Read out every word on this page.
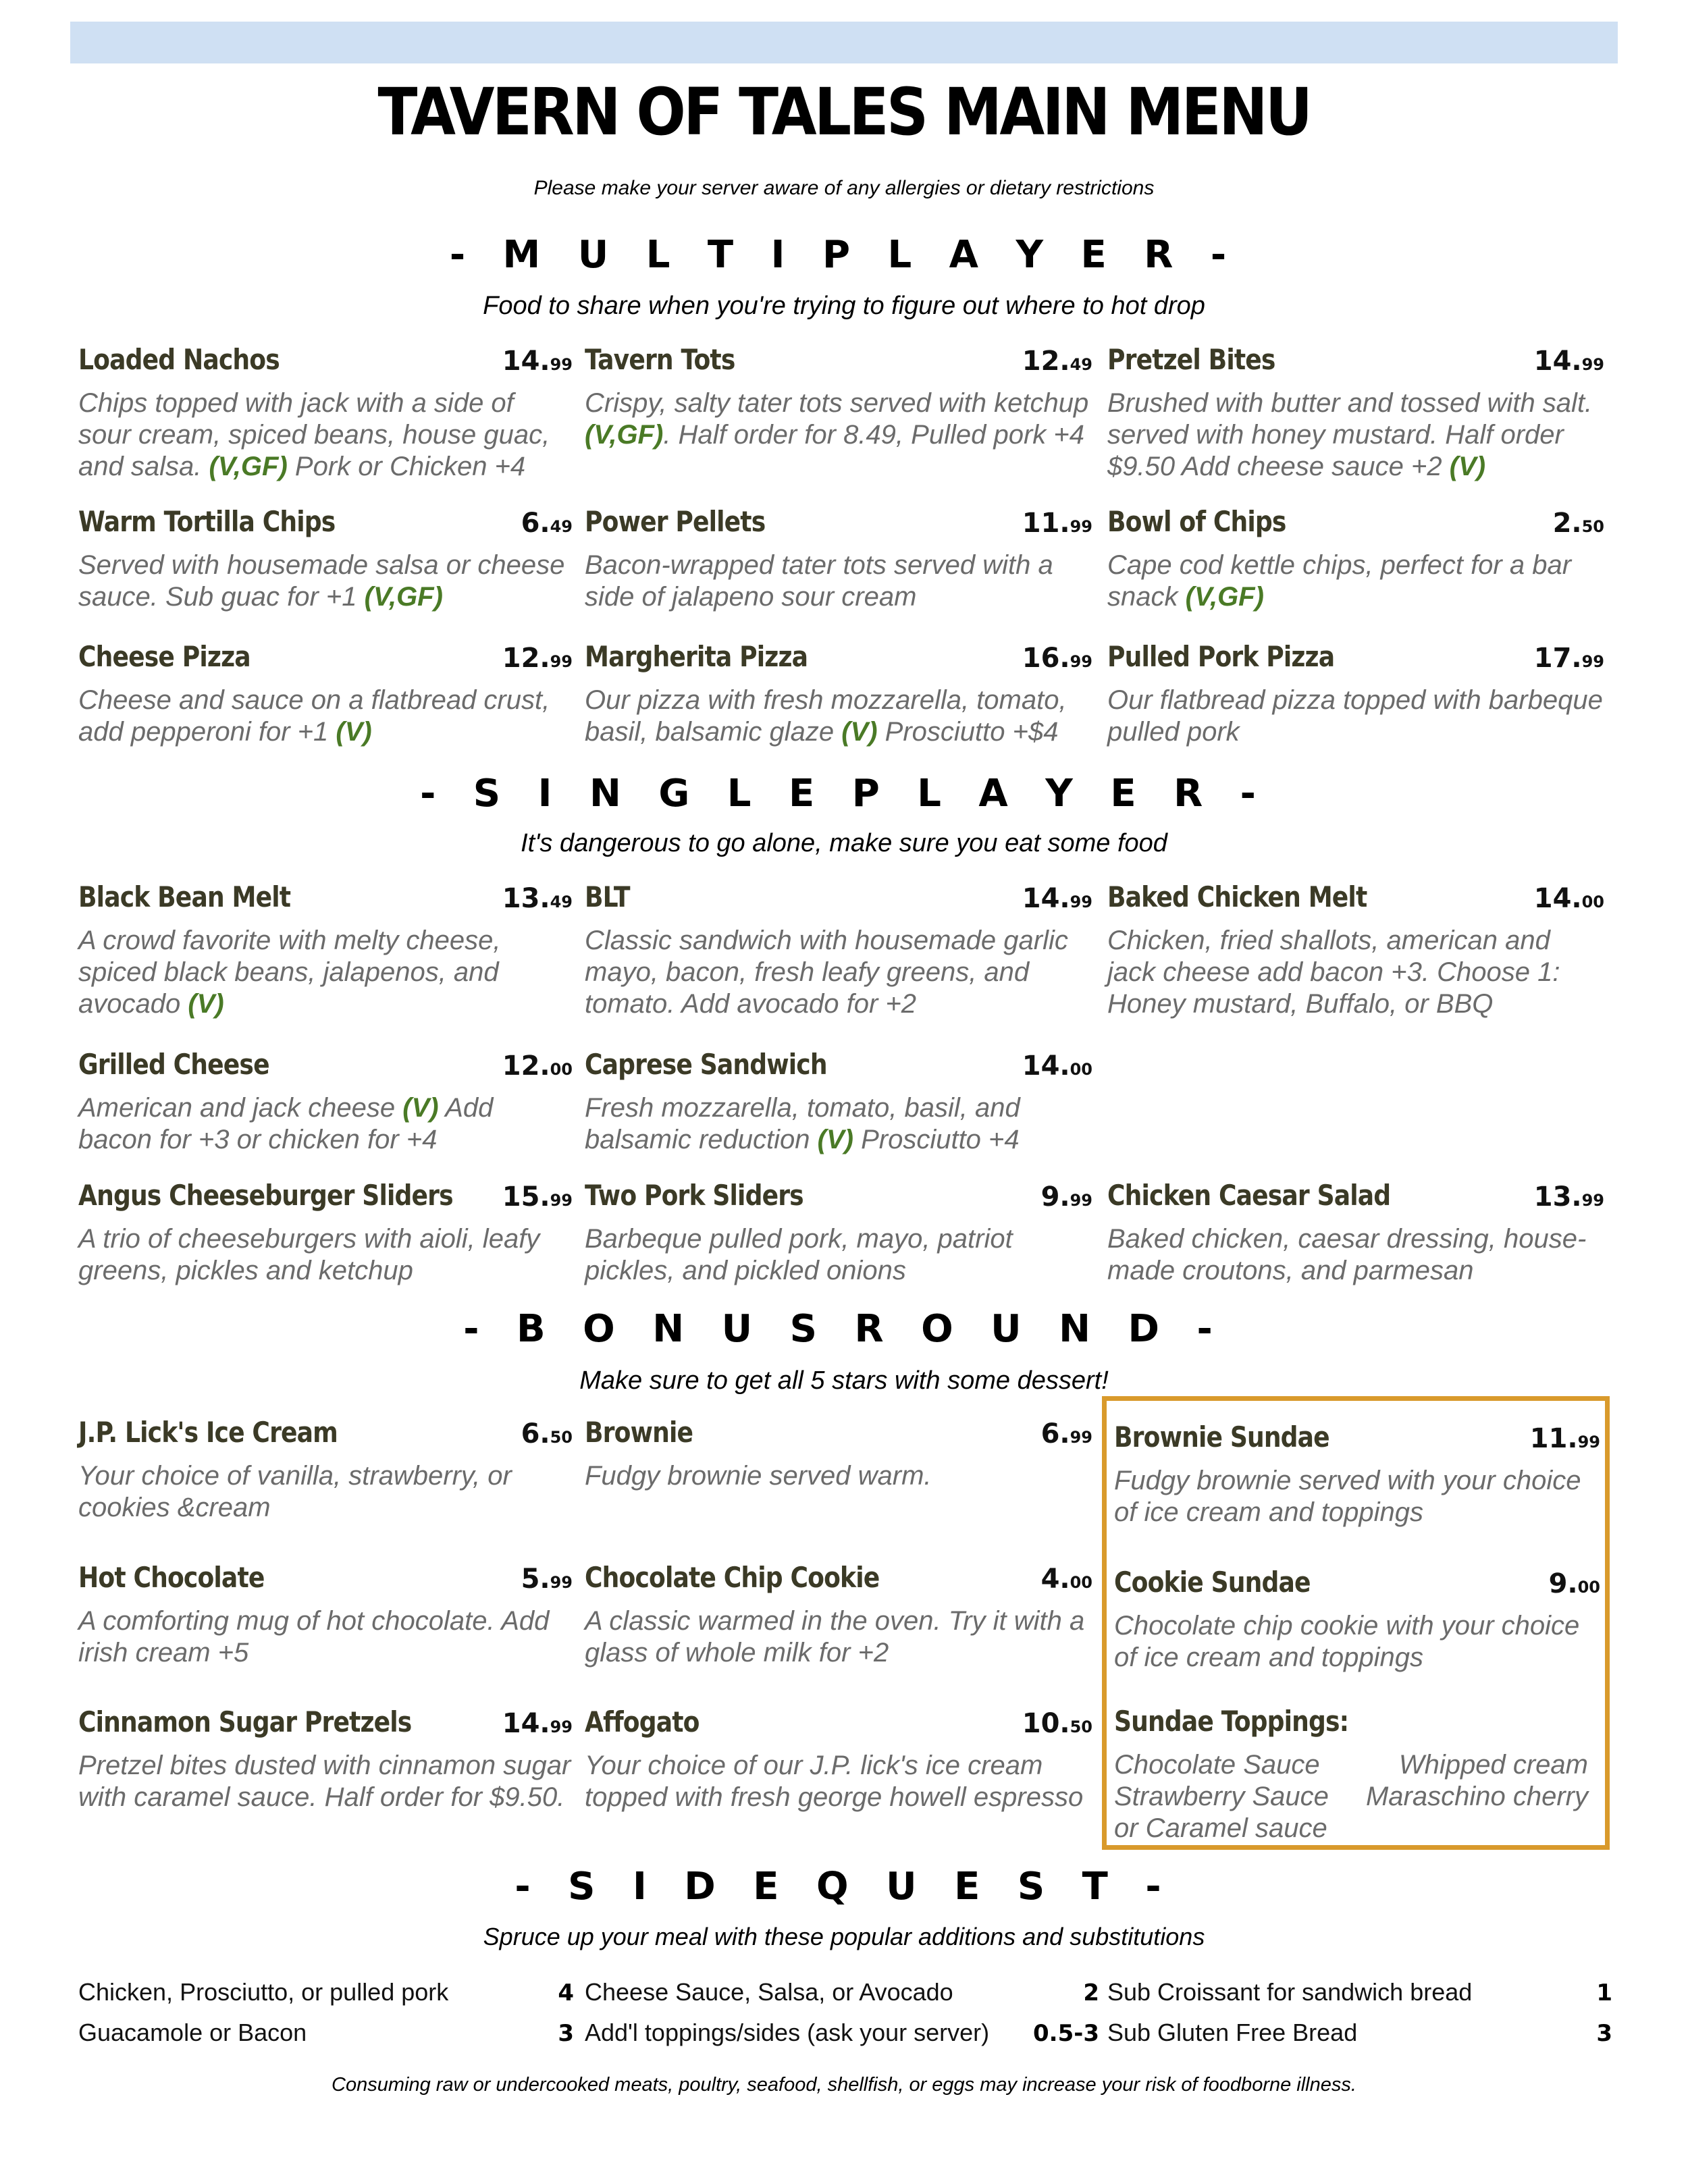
TAVERN OF TALES MAIN MENU
Please make your server aware of any allergies or dietary restrictions
- M U L T I P L A Y E R -
Food to share when you're trying to figure out where to hot drop
Loaded Nachos	14.99
Chips topped with jack with a side of sour cream, spiced beans, house guac, and salsa. (V,GF) Pork or Chicken +4
Tavern Tots	12.49
Crispy, salty tater tots served with ketchup (V,GF). Half order for 8.49, Pulled pork +4
Pretzel Bites	14.99
Brushed with butter and tossed with salt. served with honey mustard. Half order $9.50 Add cheese sauce +2 (V)
Warm Tortilla Chips	6.49
Served with housemade salsa or cheese sauce. Sub guac for +1 (V,GF)
Power Pellets	11.99
Bacon-wrapped tater tots served with a side of jalapeno sour cream
Bowl of Chips	2.50
Cape cod kettle chips, perfect for a bar snack (V,GF)
Cheese Pizza	12.99
Cheese and sauce on a flatbread crust, add pepperoni for +1 (V)
Margherita Pizza	16.99
Our pizza with fresh mozzarella, tomato, basil, balsamic glaze (V) Prosciutto +$4
Pulled Pork Pizza	17.99
Our flatbread pizza topped with barbeque pulled pork
- S I N G L E P L A Y E R -
It's dangerous to go alone, make sure you eat some food
Black Bean Melt	13.49
A crowd favorite with melty cheese, spiced black beans, jalapenos, and avocado (V)
BLT	14.99
Classic sandwich with housemade garlic mayo, bacon, fresh leafy greens, and tomato. Add avocado for +2
Baked Chicken Melt	14.00
Chicken, fried shallots, american and jack cheese add bacon +3. Choose 1: Honey mustard, Buffalo, or BBQ
Grilled Cheese	12.00
American and jack cheese (V) Add bacon for +3 or chicken for +4
Caprese Sandwich	14.00
Fresh mozzarella, tomato, basil, and balsamic reduction (V) Prosciutto +4
Angus Cheeseburger Sliders 15.99
A trio of cheeseburgers with aioli, leafy greens, pickles and ketchup
Two Pork Sliders	9.99
Barbeque pulled pork, mayo, patriot pickles, and pickled onions
Chicken Caesar Salad	13.99
Baked chicken, caesar dressing, house-made croutons, and parmesan
- B O N U S R O U N D -
Make sure to get all 5 stars with some dessert!
J.P. Lick's Ice Cream	6.50
Your choice of vanilla, strawberry, or cookies &cream
Brownie	6.99
Fudgy brownie served warm.
Brownie Sundae	11.99
Fudgy brownie served with your choice of ice cream and toppings
Hot Chocolate	5.99
A comforting mug of hot chocolate. Add irish cream +5
Chocolate Chip Cookie	4.00
A classic warmed in the oven. Try it with a glass of whole milk for +2
Cookie Sundae	9.00
Chocolate chip cookie with your choice of ice cream and toppings
Cinnamon Sugar Pretzels	14.99
Pretzel bites dusted with cinnamon sugar with caramel sauce. Half order for $9.50.
Affogato	10.50
Your choice of our J.P. lick's ice cream topped with fresh george howell espresso
Sundae Toppings:
Chocolate Sauce
Strawberry Sauce
or Caramel sauce
Whipped cream
Maraschino cherry
- S I D E Q U E S T -
Spruce up your meal with these popular additions and substitutions
Chicken, Prosciutto, or pulled pork	4 Cheese Sauce, Salsa, or Avocado	2 Sub Croissant for sandwich bread	1
Guacamole or Bacon	3 Add'l toppings/sides (ask your server) 0.5-3 Sub Gluten Free Bread	3
Consuming raw or undercooked meats, poultry, seafood, shellfish, or eggs may increase your risk of foodborne illness.
